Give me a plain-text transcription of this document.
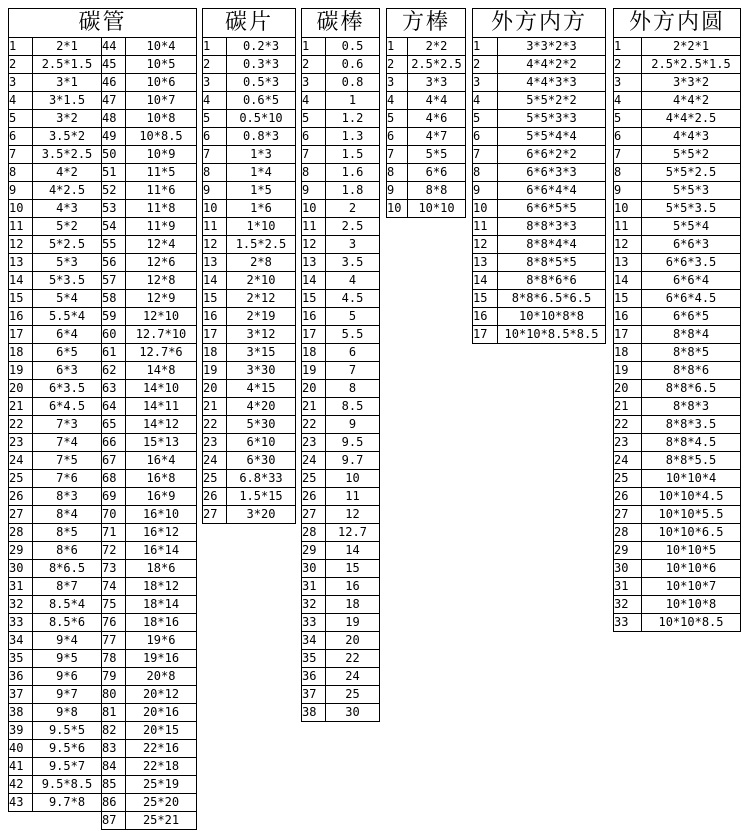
碳管			
1	2*1	44	10*4
2	2.5*1.5	45	10*5
3	3*1	46	10*6
4	3*1.5	47	10*7
5	3*2	48	10*8
6	3.5*2	49	10*8.5
7	3.5*2.5	50	10*9
8	4*2	51	11*5
9	4*2.5	52	11*6
10	4*3	53	11*8
11	5*2	54	11*9
12	5*2.5	55	12*4
13	5*3	56	12*6
14	5*3.5	57	12*8
15	5*4	58	12*9
16	5.5*4	59	12*10
17	6*4	60	12.7*10
18	6*5	61	12.7*6
19	6*3	62	14*8
20	6*3.5	63	14*10
21	6*4.5	64	14*11
22	7*3	65	14*12
23	7*4	66	15*13
24	7*5	67	16*4
25	7*6	68	16*8
26	8*3	69	16*9
27	8*4	70	16*10
28	8*5	71	16*12
29	8*6	72	16*14
30	8*6.5	73	18*6
31	8*7	74	18*12
32	8.5*4	75	18*14
33	8.5*6	76	18*16
34	9*4	77	19*6
35	9*5	78	19*16
36	9*6	79	20*8
37	9*7	80	20*12
38	9*8	81	20*16
39	9.5*5	82	20*15
40	9.5*6	83	22*16
41	9.5*7	84	22*18
42	9.5*8.5	85	25*19
43	9.7*8	86	25*20
		87	25*21
碳片	
1	0.2*3
2	0.3*3
3	0.5*3
4	0.6*5
5	0.5*10
6	0.8*3
7	1*3
8	1*4
9	1*5
10	1*6
11	1*10
12	1.5*2.5
13	2*8
14	2*10
15	2*12
16	2*19
17	3*12
18	3*15
19	3*30
20	4*15
21	4*20
22	5*30
23	6*10
24	6*30
25	6.8*33
26	1.5*15
27	3*20
碳棒	
1	0.5
2	0.6
3	0.8
4	1
5	1.2
6	1.3
7	1.5
8	1.6
9	1.8
10	2
11	2.5
12	3
13	3.5
14	4
15	4.5
16	5
17	5.5
18	6
19	7
20	8
21	8.5
22	9
23	9.5
24	9.7
25	10
26	11
27	12
28	12.7
29	14
30	15
31	16
32	18
33	19
34	20
35	22
36	24
37	25
38	30
方棒	
1	2*2
2	2.5*2.5
3	3*3
4	4*4
5	4*6
6	4*7
7	5*5
8	6*6
9	8*8
10	10*10
外方内方	
1	3*3*2*3
2	4*4*2*2
3	4*4*3*3
4	5*5*2*2
5	5*5*3*3
6	5*5*4*4
7	6*6*2*2
8	6*6*3*3
9	6*6*4*4
10	6*6*5*5
11	8*8*3*3
12	8*8*4*4
13	8*8*5*5
14	8*8*6*6
15	8*8*6.5*6.5
16	10*10*8*8
17	10*10*8.5*8.5
外方内圆	
1	2*2*1
2	2.5*2.5*1.5
3	3*3*2
4	4*4*2
5	4*4*2.5
6	4*4*3
7	5*5*2
8	5*5*2.5
9	5*5*3
10	5*5*3.5
11	5*5*4
12	6*6*3
13	6*6*3.5
14	6*6*4
15	6*6*4.5
16	6*6*5
17	8*8*4
18	8*8*5
19	8*8*6
20	8*8*6.5
21	8*8*3
22	8*8*3.5
23	8*8*4.5
24	8*8*5.5
25	10*10*4
26	10*10*4.5
27	10*10*5.5
28	10*10*6.5
29	10*10*5
30	10*10*6
31	10*10*7
32	10*10*8
33	10*10*8.5
